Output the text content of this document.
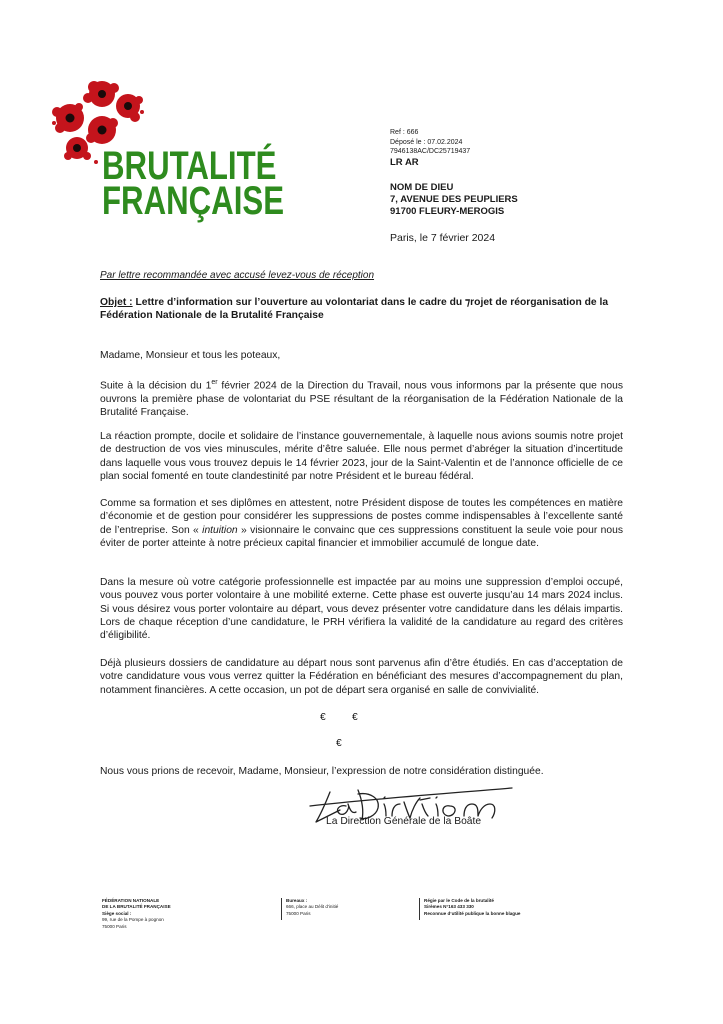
BRUTALITÉ
FRANÇAISE
Ref : 666
Déposé le : 07.02.2024
7946138AC/DC25719437
LR AR
NOM DE DIEU
7, AVENUE DES PEUPLIERS
91700 FLEURY-MEROGIS
Paris, le 7 février 2024
Par lettre recommandée avec accusé levez-vous de réception
Objet : Lettre d’information sur l’ouverture au volontariat dans le cadre du ⁊rojet de réorganisation de la Fédération Nationale de la Brutalité Française
Madame, Monsieur et tous les poteaux,

Suite à la décision du 1er février 2024 de la Direction du Travail, nous vous informons par la présente que nous ouvrons la première phase de volontariat du PSE résultant de la réorganisation de la Fédération Nationale de la Brutalité Française.

La réaction prompte, docile et solidaire de l’instance gouvernementale, à laquelle nous avions soumis notre projet de destruction de vos vies minuscules, mérite d’être saluée. Elle nous permet d’abréger la situation d’incertitude dans laquelle vous vous trouvez depuis le 14 février 2023, jour de la Saint-Valentin et de l’annonce officielle de ce plan social fomenté en toute clandestinité par notre Président et le bureau fédéral.

Comme sa formation et ses diplômes en attestent, notre Président dispose de toutes les compétences en matière d’économie et de gestion pour considérer les suppressions de postes comme indispensables à l’excellente santé de l’entreprise. Son « intuition » visionnaire le convainc que ces suppressions constituent la seule voie pour nous éviter de porter atteinte à notre précieux capital financier et immobilier accumulé de longue date.

Dans la mesure où votre catégorie professionnelle est impactée par au moins une suppression d’emploi occupé, vous pouvez vous porter volontaire à une mobilité externe. Cette phase est ouverte jusqu’au 14 mars 2024 inclus. Si vous désirez vous porter volontaire au départ, vous devez présenter votre candidature dans les délais impartis. Lors de chaque réception d’une candidature, le PRH vérifiera la validité de la candidature au regard des critères d’éligibilité.

Déjà plusieurs dossiers de candidature au départ nous sont parvenus afin d’être étudiés. En cas d’acceptation de votre candidature vous vous verrez quitter la Fédération en bénéficiant des mesures d’accompagnement du plan, notamment financières. A cette occasion, un pot de départ sera organisé en salle de convivialité.

€	€
€
Nous vous prions de recevoir, Madame, Monsieur, l’expression de notre considération distinguée.
La Direction Générale de la Boâte
FÉDÉRATION NATIONALE
DE LA BRUTALITÉ FRANÇAISE
Siège social :
99, rue de la Pompe à pognon
75000 Paris
Bureaux :
666, place au Délit d’initié
75000 Paris
Régie par le Code de la brutalité
Sirèmes N°163 433 330
Reconnue d’utilité publique la bonne blague
